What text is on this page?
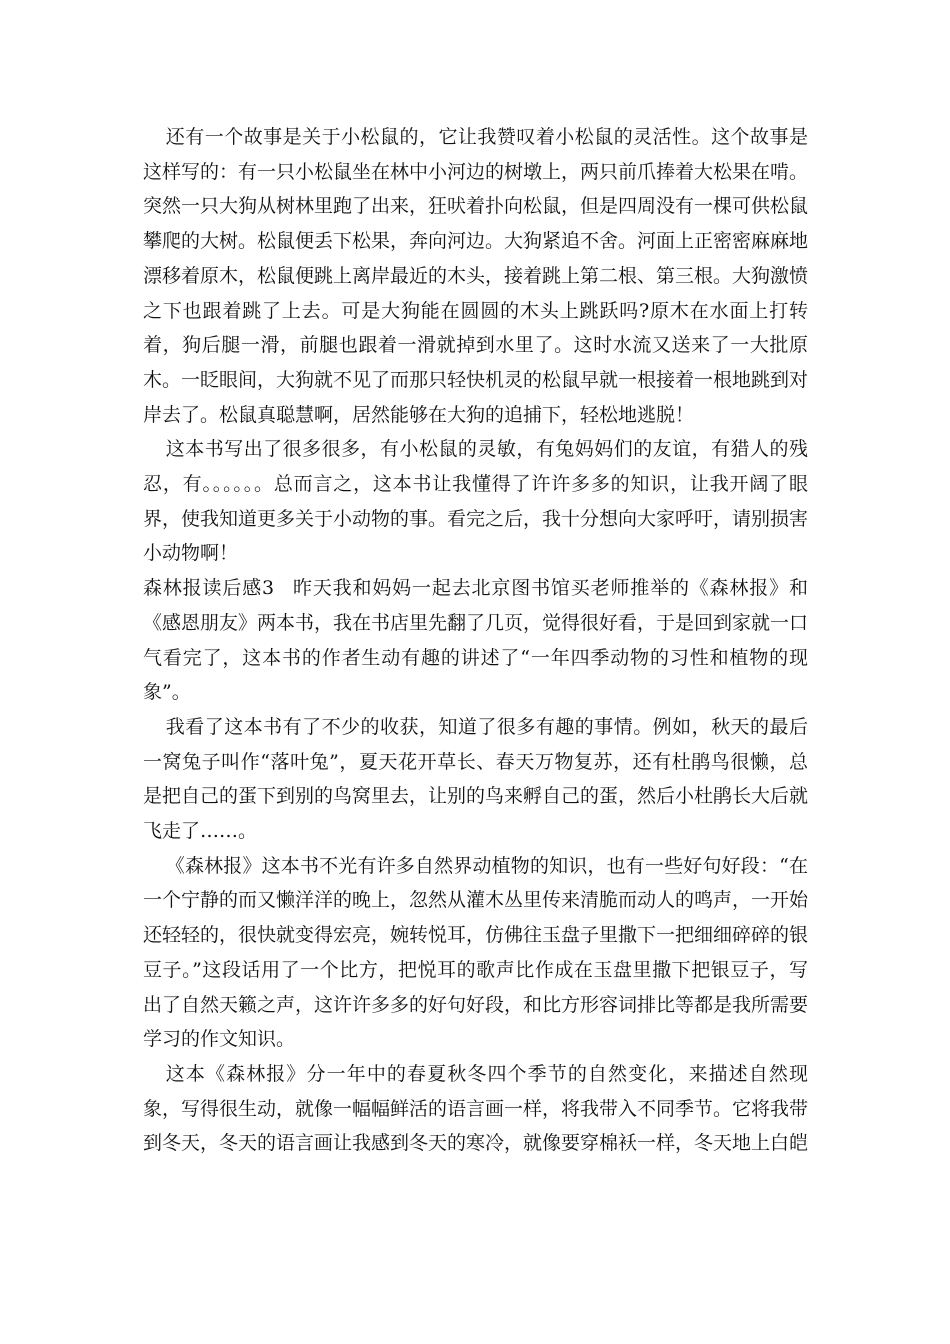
还有一个故事是关于小松鼠的，它让我赞叹着小松鼠的灵活性。这个故事是这样写的：有一只小松鼠坐在林中小河边的树墩上，两只前爪捧着大松果在啃。突然一只大狗从树林里跑了出来，狂吠着扑向松鼠，但是四周没有一棵可供松鼠攀爬的大树。松鼠便丢下松果，奔向河边。大狗紧追不舍。河面上正密密麻麻地漂移着原木，松鼠便跳上离岸最近的木头，接着跳上第二根、第三根。大狗激愤之下也跟着跳了上去。可是大狗能在圆圆的木头上跳跃吗?原木在水面上打转着，狗后腿一滑，前腿也跟着一滑就掉到水里了。这时水流又送来了一大批原木。一眨眼间，大狗就不见了而那只轻快机灵的松鼠早就一根接着一根地跳到对岸去了。松鼠真聪慧啊，居然能够在大狗的追捕下，轻松地逃脱！

这本书写出了很多很多，有小松鼠的灵敏，有兔妈妈们的友谊，有猎人的残忍，有。。。。。。总而言之，这本书让我懂得了许许多多的知识，让我开阔了眼界，使我知道更多关于小动物的事。看完之后，我十分想向大家呼吁，请别损害小动物啊！

森林报读后感3 昨天我和妈妈一起去北京图书馆买老师推举的《森林报》和《感恩朋友》两本书，我在书店里先翻了几页，觉得很好看，于是回到家就一口气看完了，这本书的作者生动有趣的讲述了“一年四季动物的习性和植物的现象”。

我看了这本书有了不少的收获，知道了很多有趣的事情。例如，秋天的最后一窝兔子叫作“落叶兔”，夏天花开草长、春天万物复苏，还有杜鹃鸟很懒，总是把自己的蛋下到别的鸟窝里去，让别的鸟来孵自己的蛋，然后小杜鹃长大后就飞走了……。

《森林报》这本书不光有许多自然界动植物的知识，也有一些好句好段：“在一个宁静的而又懒洋洋的晚上，忽然从灌木丛里传来清脆而动人的鸣声，一开始还轻轻的，很快就变得宏亮，婉转悦耳，仿佛往玉盘子里撒下一把细细碎碎的银豆子。”这段话用了一个比方，把悦耳的歌声比作成在玉盘里撒下把银豆子，写出了自然天籁之声，这许许多多的好句好段，和比方形容词排比等都是我所需要学习的作文知识。

这本《森林报》分一年中的春夏秋冬四个季节的自然变化，来描述自然现象，写得很生动，就像一幅幅鲜活的语言画一样，将我带入不同季节。它将我带到冬天，冬天的语言画让我感到冬天的寒冷，就像要穿棉袄一样，冬天地上白皑
